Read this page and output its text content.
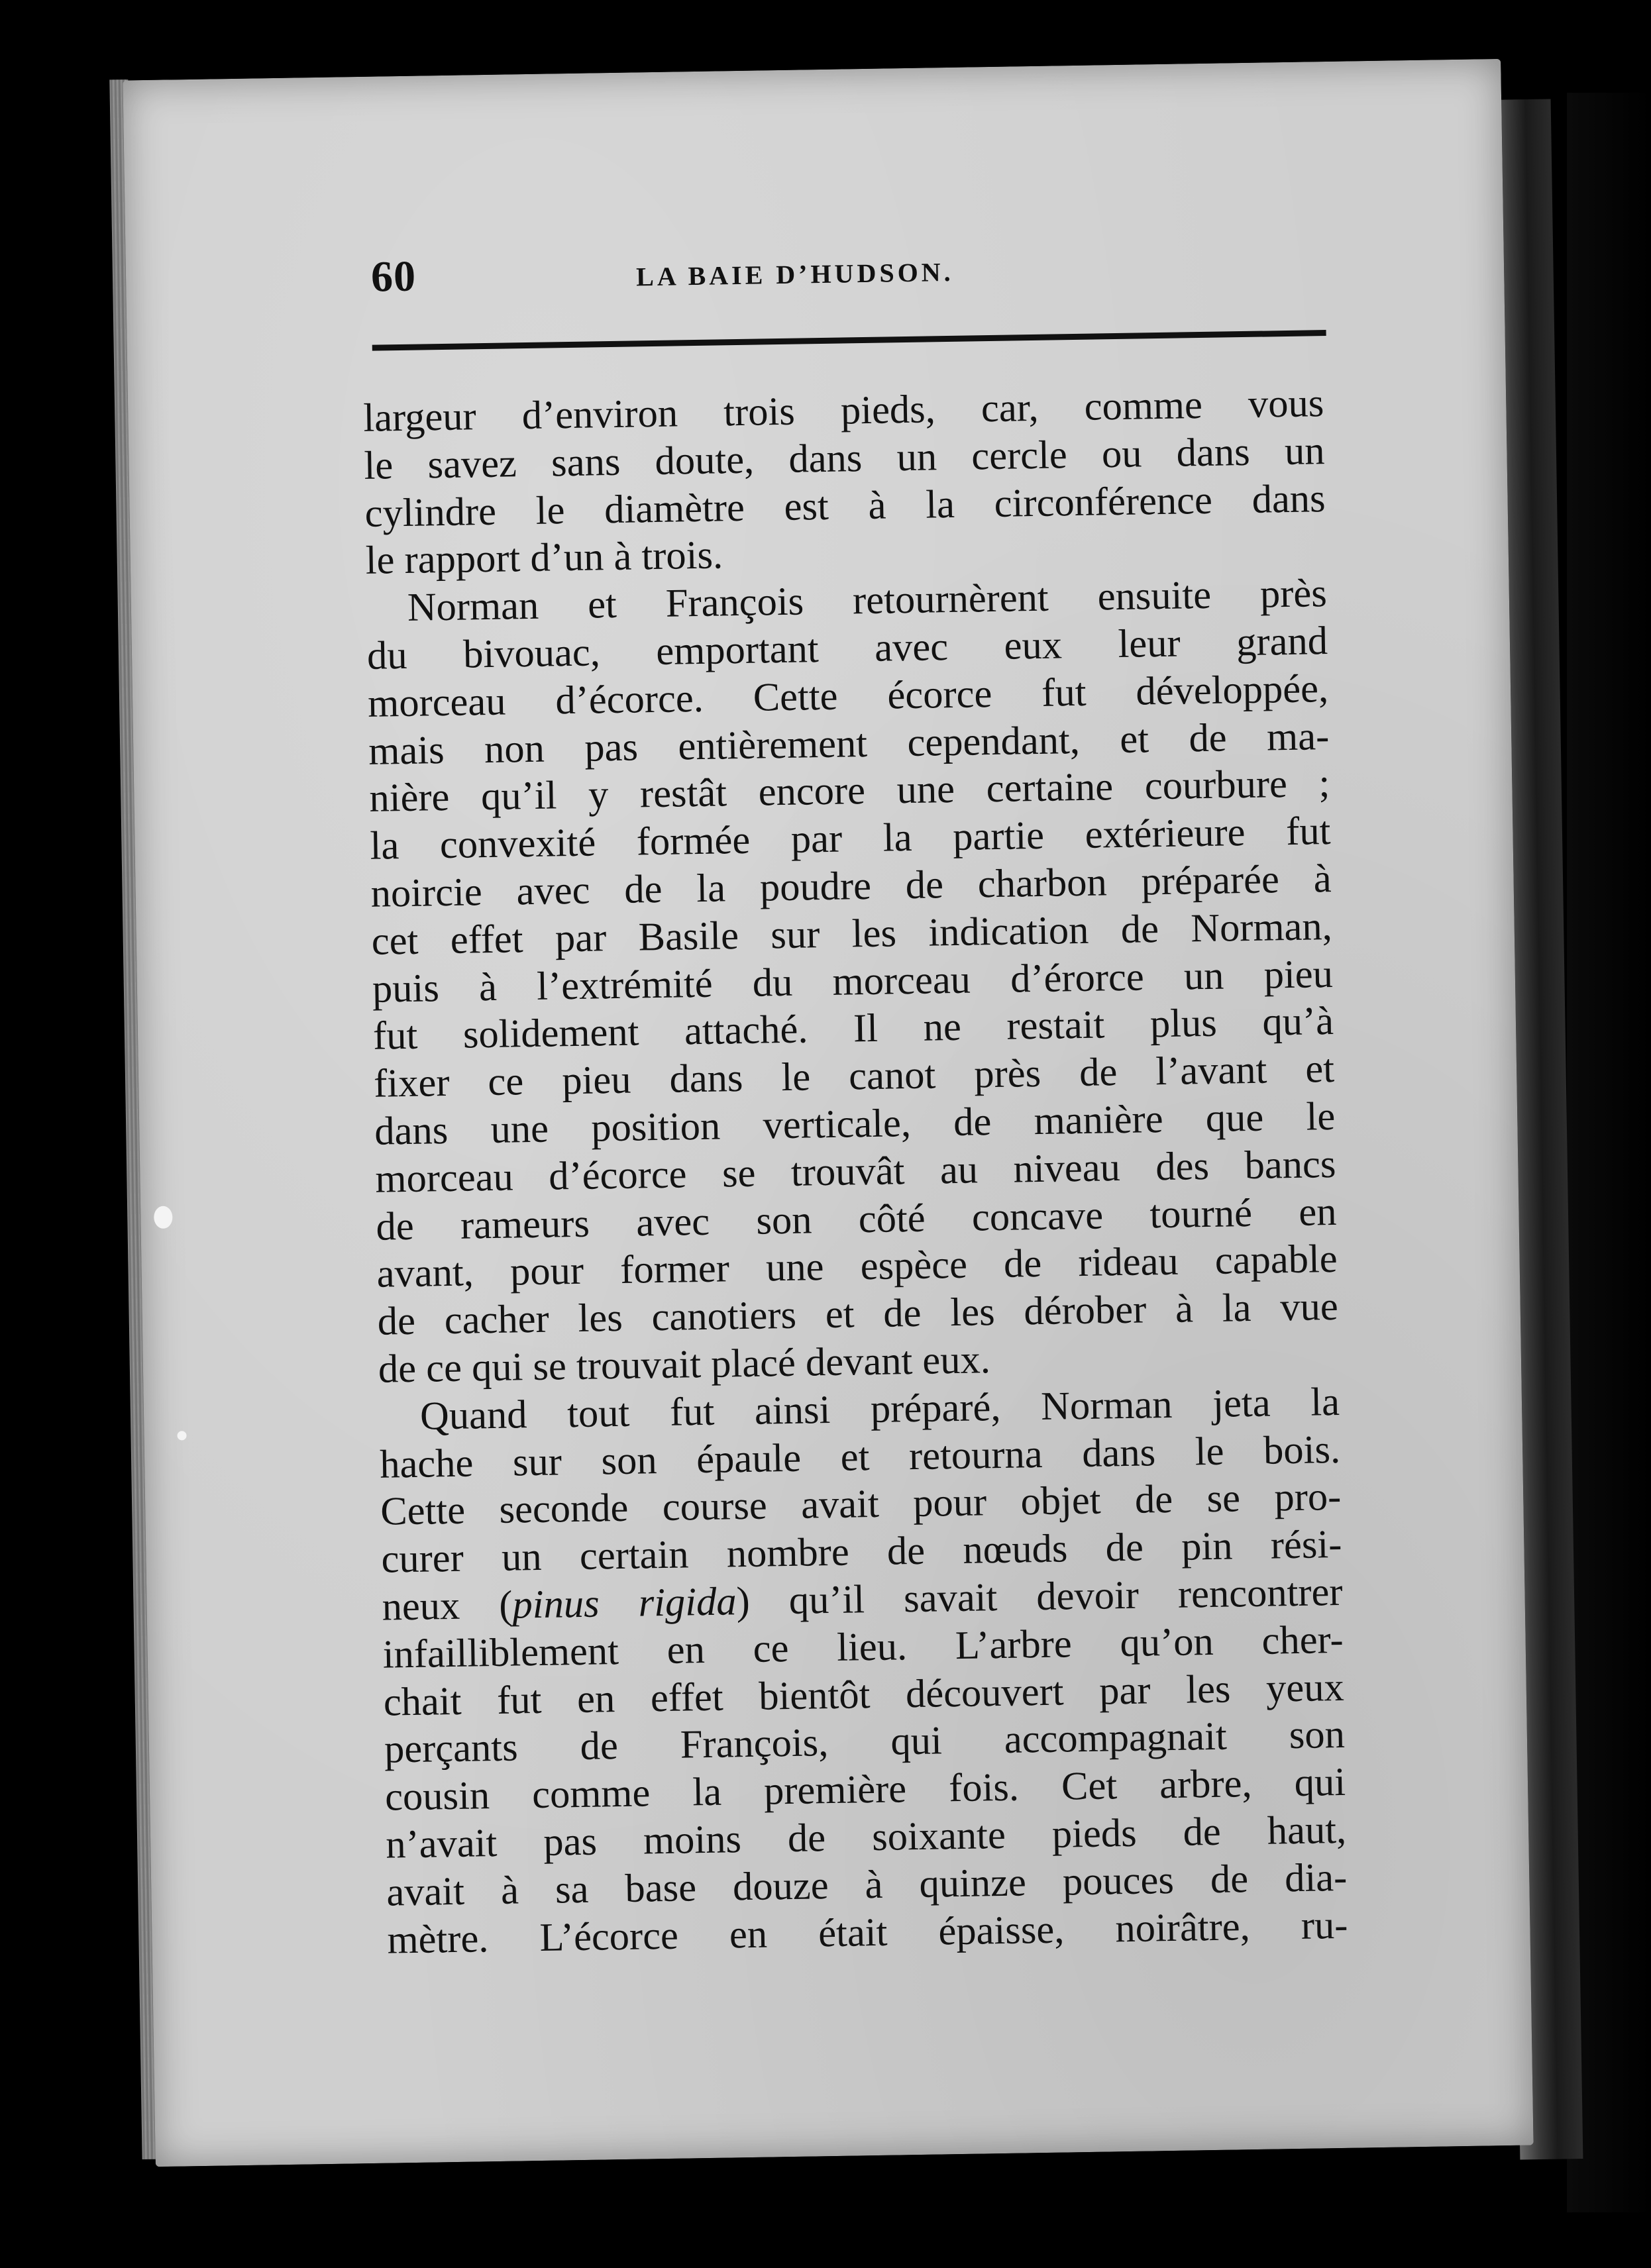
60	LA BAIE D’HUDSON.

largeur d’environ trois pieds, car, comme vous
le savez sans doute, dans un cercle ou dans un
cylindre le diamètre est à la circonférence dans
le rapport d’un à trois.

Norman et François retournèrent ensuite près
du bivouac, emportant avec eux leur grand
morceau d’écorce. Cette écorce fut développée,
mais non pas entièrement cependant, et de ma-
nière qu’il y restât encore une certaine courbure ;
la convexité formée par la partie extérieure fut
noircie avec de la poudre de charbon préparée à
cet effet par Basile sur les indication de Norman,
puis à l’extrémité du morceau d’érorce un pieu
fut solidement attaché. Il ne restait plus qu’à
fixer ce pieu dans le canot près de l’avant et
dans une position verticale, de manière que le
morceau d’écorce se trouvât au niveau des bancs
de rameurs avec son côté concave tourné en
avant, pour former une espèce de rideau capable
de cacher les canotiers et de les dérober à la vue
de ce qui se trouvait placé devant eux.

Quand tout fut ainsi préparé, Norman jeta la
hache sur son épaule et retourna dans le bois.
Cette seconde course avait pour objet de se pro-
curer un certain nombre de nœuds de pin rési-
neux (pinus rigida) qu’il savait devoir rencontrer
infailliblement en ce lieu. L’arbre qu’on cher-
chait fut en effet bientôt découvert par les yeux
perçants de François, qui accompagnait son
cousin comme la première fois. Cet arbre, qui
n’avait pas moins de soixante pieds de haut,
avait à sa base douze à quinze pouces de dia-
mètre. L’écorce en était épaisse, noirâtre, ru-
